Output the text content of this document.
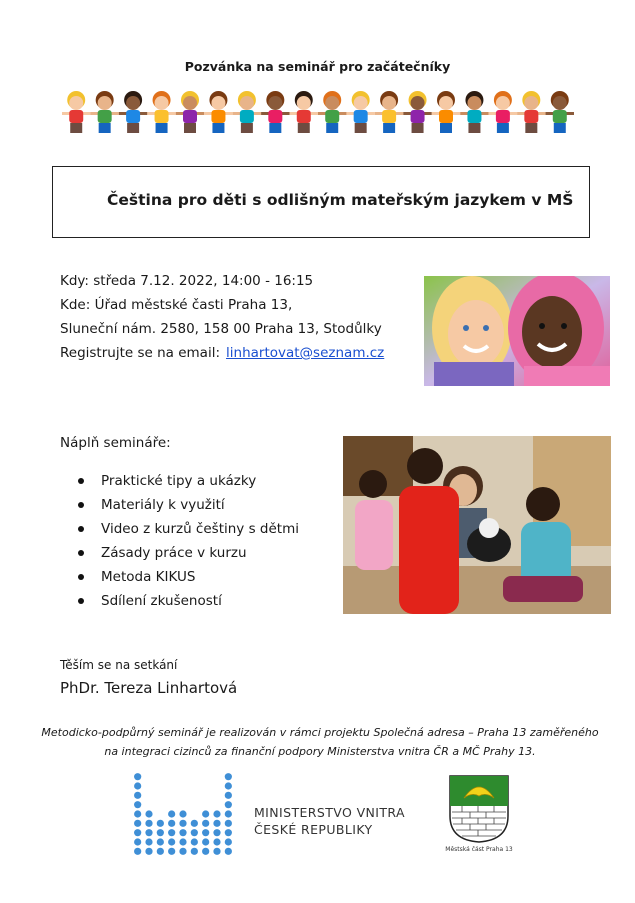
Pozvánka na seminář pro začátečníky
Čeština pro děti s odlišným mateřským jazykem v MŠ
Kdy: středa 7.12. 2022, 14:00 - 16:15
Kde: Úřad městské časti Praha 13,
Sluneční nám. 2580, 158 00 Praha 13, Stodůlky
Registrujte se na email: linhartovat@seznam.cz
Náplň semináře:
Praktické tipy a ukázky
Materiály k využití
Video z kurzů češtiny s dětmi
Zásady práce v kurzu
Metoda KIKUS
Sdílení zkušeností
Těším se na setkání
PhDr. Tereza Linhartová
Metodicko-podpůrný seminář je realizován v rámci projektu Společná adresa – Praha 13 zaměřeného
na integraci cizinců za finanční podpory Ministerstva vnitra ČR a MČ Prahy 13.
MINISTERSTVO VNITRA
ČESKÉ REPUBLIKY
Městská část Praha 13
